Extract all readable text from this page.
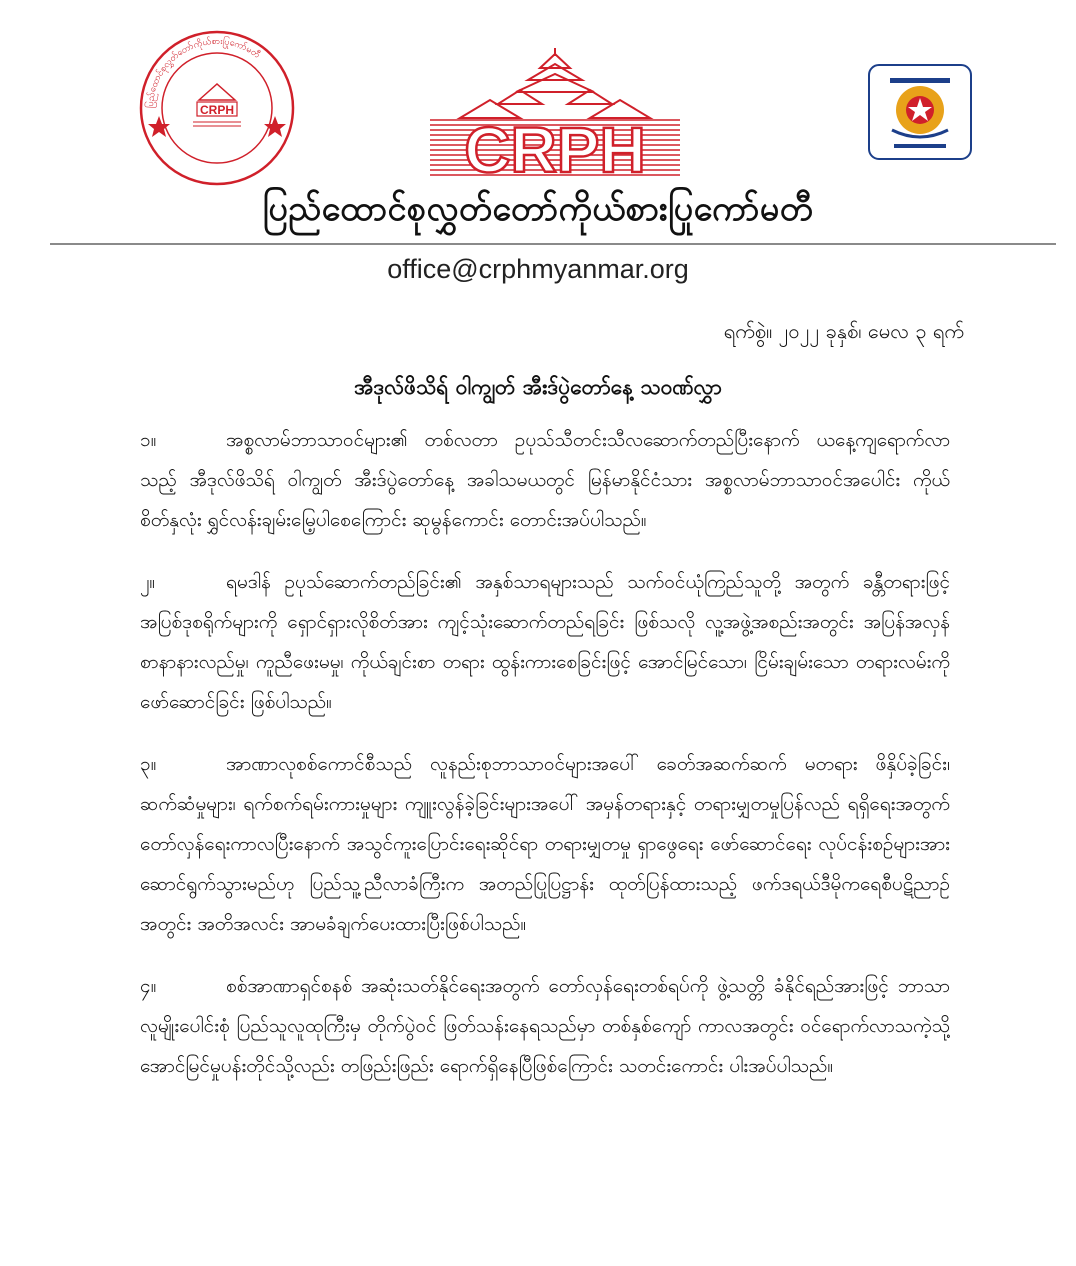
ပြည်ထောင်စုလွှတ်တော်ကိုယ်စားပြုကော်မတီ
CRPH
CRPH
ပြည်ထောင်စုလွှတ်တော်ကိုယ်စားပြုကော်မတီ
office@crphmyanmar.org
ရက်စွဲ။ ၂၀၂၂ ခုနှစ်၊ မေလ ၃ ရက်
အီဒုလ်ဖိသိရ် ဝါကျွတ် အီးဒ်ပွဲတော်နေ့ သဝဏ်လွှာ

၁။	အစ္စလာမ်ဘာသာဝင်များ၏ တစ်လတာ ဥပုသ်သီတင်းသီလဆောက်တည်ပြီးနောက် ယနေ့ကျရောက်လာသည့် အီဒုလ်ဖိသိရ် ဝါကျွတ် အီးဒ်ပွဲတော်နေ့ အခါသမယတွင် မြန်မာနိုင်ငံသား အစ္စလာမ်ဘာသာဝင်အပေါင်း ကိုယ်စိတ်နှလုံး ရွှင်လန်းချမ်းမြေ့ပါစေကြောင်း ဆုမွန်ကောင်း တောင်းအပ်ပါသည်။

၂။	ရမဒါန် ဥပုသ်ဆောက်တည်ခြင်း၏ အနှစ်သာရများသည် သက်ဝင်ယုံကြည်သူတို့ အတွက် ခန္တီတရားဖြင့် အပြစ်ဒုစရိုက်များကို ရှောင်ရှားလိုစိတ်အား ကျင့်သုံးဆောက်တည်ရခြင်း ဖြစ်သလို လူ့အဖွဲ့အစည်းအတွင်း အပြန်အလှန် စာနာနားလည်မှု၊ ကူညီဖေးမမှု၊ ကိုယ်ချင်းစာ တရား ထွန်းကားစေခြင်းဖြင့် အောင်မြင်သော၊ ငြိမ်းချမ်းသော တရားလမ်းကို ဖော်ဆောင်ခြင်း ဖြစ်ပါသည်။

၃။	အာဏာလုစစ်ကောင်စီသည် လူနည်းစုဘာသာဝင်များအပေါ် ခေတ်အဆက်ဆက် မတရား ဖိနှိပ်ခဲ့ခြင်း၊ ဆက်ဆံမှုများ၊ ရက်စက်ရမ်းကားမှုများ ကျူးလွန်ခဲ့ခြင်းများအပေါ် အမှန်တရားနှင့် တရားမျှတမှုပြန်လည် ရရှိရေးအတွက် တော်လှန်ရေးကာလပြီးနောက် အသွင်ကူးပြောင်းရေးဆိုင်ရာ တရားမျှတမှု ရှာဖွေရေး ဖော်ဆောင်ရေး လုပ်ငန်းစဉ်များအား ဆောင်ရွက်သွားမည်ဟု ပြည်သူ့ညီလာခံကြီးက အတည်ပြုပြဋ္ဌာန်း ထုတ်ပြန်ထားသည့် ဖက်ဒရယ်ဒီမိုကရေစီပဋိညာဉ်အတွင်း အတိအလင်း အာမခံချက်ပေးထားပြီးဖြစ်ပါသည်။

၄။	စစ်အာဏာရှင်စနစ် အဆုံးသတ်နိုင်ရေးအတွက် တော်လှန်ရေးတစ်ရပ်ကို ဖွဲ့သတ္တိ ခံနိုင်ရည်အားဖြင့် ဘာသာလူမျိုးပေါင်းစုံ ပြည်သူလူထုကြီးမှ တိုက်ပွဲဝင် ဖြတ်သန်းနေရသည်မှာ တစ်နှစ်ကျော် ကာလအတွင်း ဝင်ရောက်လာသကဲ့သို့ အောင်မြင်မှုပန်းတိုင်သို့လည်း တဖြည်းဖြည်း ရောက်ရှိနေပြီဖြစ်ကြောင်း သတင်းကောင်း ပါးအပ်ပါသည်။
